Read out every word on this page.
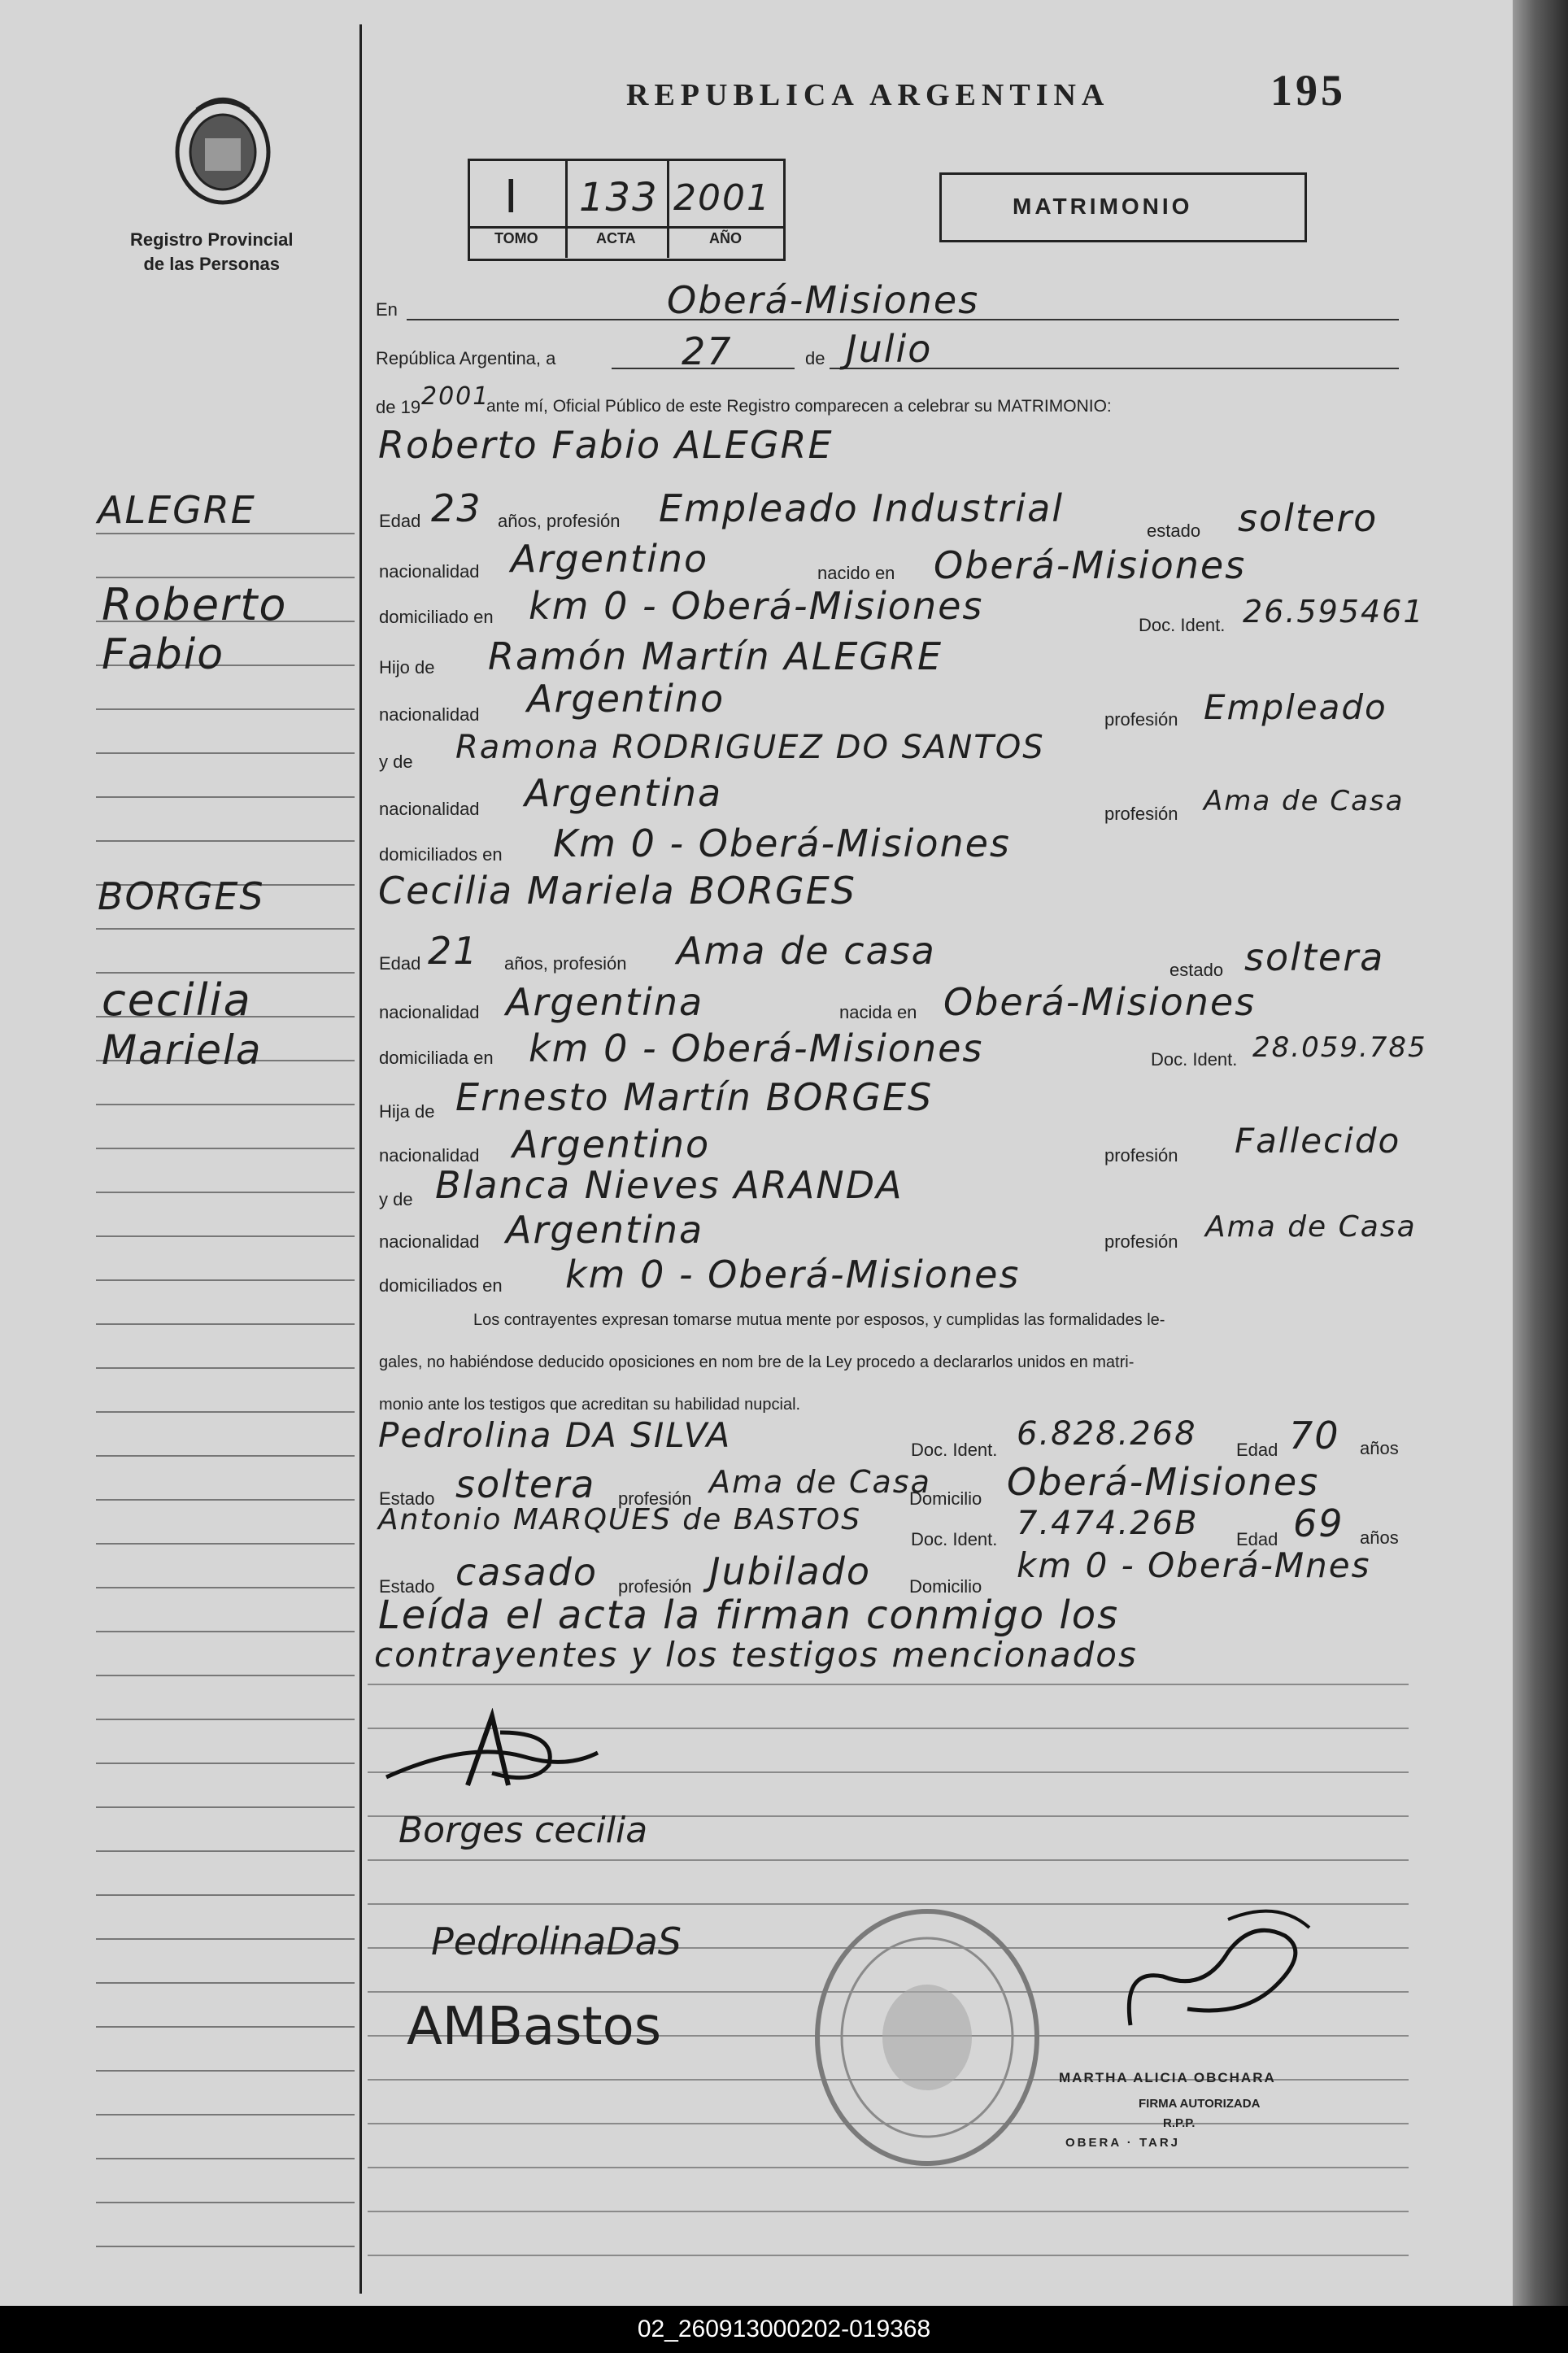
Registro Provincial
de las Personas
REPUBLICA ARGENTINA	195
I 133 2001
TOMO	ACTA	AÑO
MATRIMONIO
ALEGRE
Roberto
Fabio
BORGES
cecilia
Mariela
En	Oberá-Misiones
República Argentina, a	27	de Julio
de 19 2001
ante mí, Oficial Público de este Registro comparecen a celebrar su MATRIMONIO:
Roberto Fabio ALEGRE
Edad 23 años, profesión Empleado Industrial
estado soltero
nacionalidad Argentino	nacido en Oberá-Misiones
domiciliado en km 0 - Oberá-Misiones	Doc. Ident. 26.595461
Hijo de Ramón Martín ALEGRE
nacionalidad Argentino	profesión Empleado
y de Ramona RODRIGUEZ DO SANTOS
nacionalidad Argentina	profesión Ama de Casa
domiciliados en Km 0 - Oberá-Misiones
Cecilia Mariela BORGES
Edad 21 años, profesión Ama de casa	estado soltera
nacionalidad Argentina	nacida en Oberá-Misiones
domiciliada en km 0 - Oberá-Misiones	Doc. Ident. 28.059.785
Hija de Ernesto Martín BORGES
nacionalidad Argentino	profesión Fallecido
y de Blanca Nieves ARANDA
nacionalidad Argentina	profesión Ama de Casa
domiciliados en km 0 - Oberá-Misiones
Los contrayentes expresan tomarse mutua mente por esposos, y cumplidas las formalidades le-
gales, no habiéndose deducido oposiciones en nom bre de la Ley procedo a declararlos unidos en matri-
monio ante los testigos que acreditan su habilidad nupcial.
Pedrolina DA SILVA	Doc. Ident. 6.828.268 Edad 70 años
Estado soltera profesión Ama de Casa
Domicilio Oberá-Misiones
Antonio MARQUES de BASTOS
Doc. Ident. 7.474.26B Edad 69 años
Estado casado profesión Jubilado Domicilio
km 0 - Oberá-Mnes
Leída el acta la firman conmigo los
contrayentes y los testigos mencionados
Borges cecilia
PedrolinaDaS
AMBastos
MARTHA ALICIA OBCHARA
FIRMA AUTORIZADA
R.P.P.
OBERA · TARJ
02_260913000202-019368
